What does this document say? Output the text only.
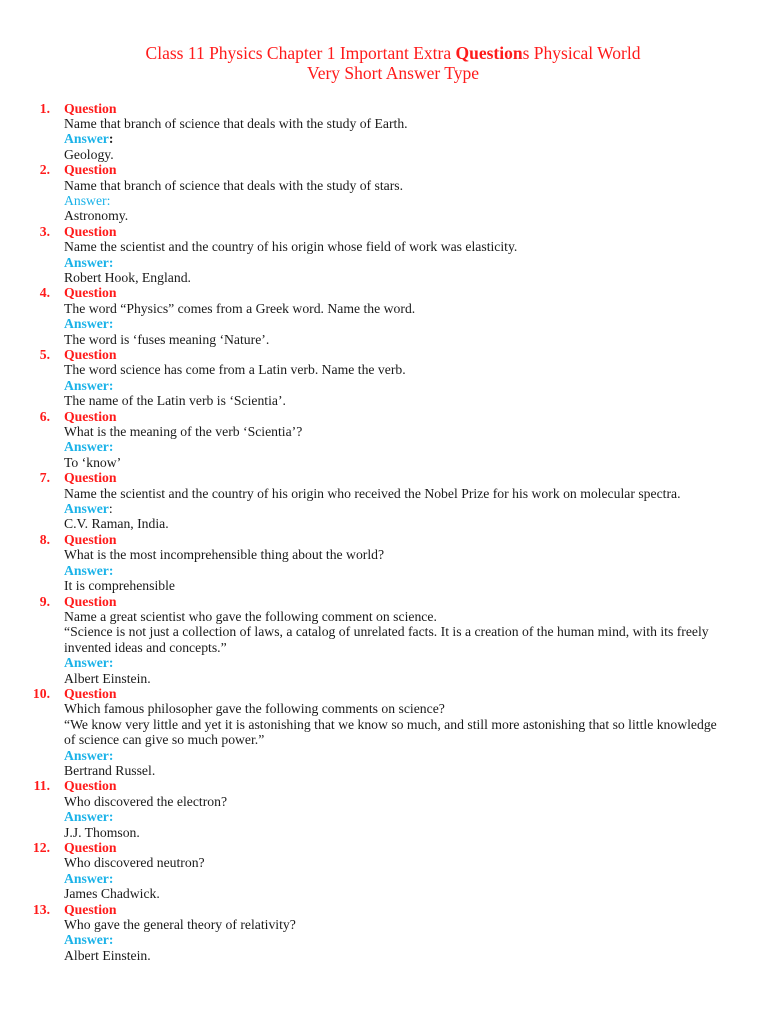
Class 11 Physics Chapter 1 Important Extra Questions Physical World
Very Short Answer Type
1. Question
Name that branch of science that deals with the study of Earth.
Answer:
Geology.
2. Question
Name that branch of science that deals with the study of stars.
Answer:
Astronomy.
3. Question
Name the scientist and the country of his origin whose field of work was elasticity.
Answer:
Robert Hook, England.
4. Question
The word “Physics” comes from a Greek word. Name the word.
Answer:
The word is ‘fuses meaning ‘Nature’.
5. Question
The word science has come from a Latin verb. Name the verb.
Answer:
The name of the Latin verb is ‘Scientia’.
6. Question
What is the meaning of the verb ‘Scientia’?
Answer:
To ‘know’
7. Question
Name the scientist and the country of his origin who received the Nobel Prize for his work on molecular spectra.
Answer:
C.V. Raman, India.
8. Question
What is the most incomprehensible thing about the world?
Answer:
It is comprehensible
9. Question
Name a great scientist who gave the following comment on science.
“Science is not just a collection of laws, a catalog of unrelated facts. It is a creation of the human mind, with its freely invented ideas and concepts.”
Answer:
Albert Einstein.
10. Question
Which famous philosopher gave the following comments on science?
“We know very little and yet it is astonishing that we know so much, and still more astonishing that so little knowledge of science can give so much power.”
Answer:
Bertrand Russel.
11. Question
Who discovered the electron?
Answer:
J.J. Thomson.
12. Question
Who discovered neutron?
Answer:
James Chadwick.
13. Question
Who gave the general theory of relativity?
Answer:
Albert Einstein.
